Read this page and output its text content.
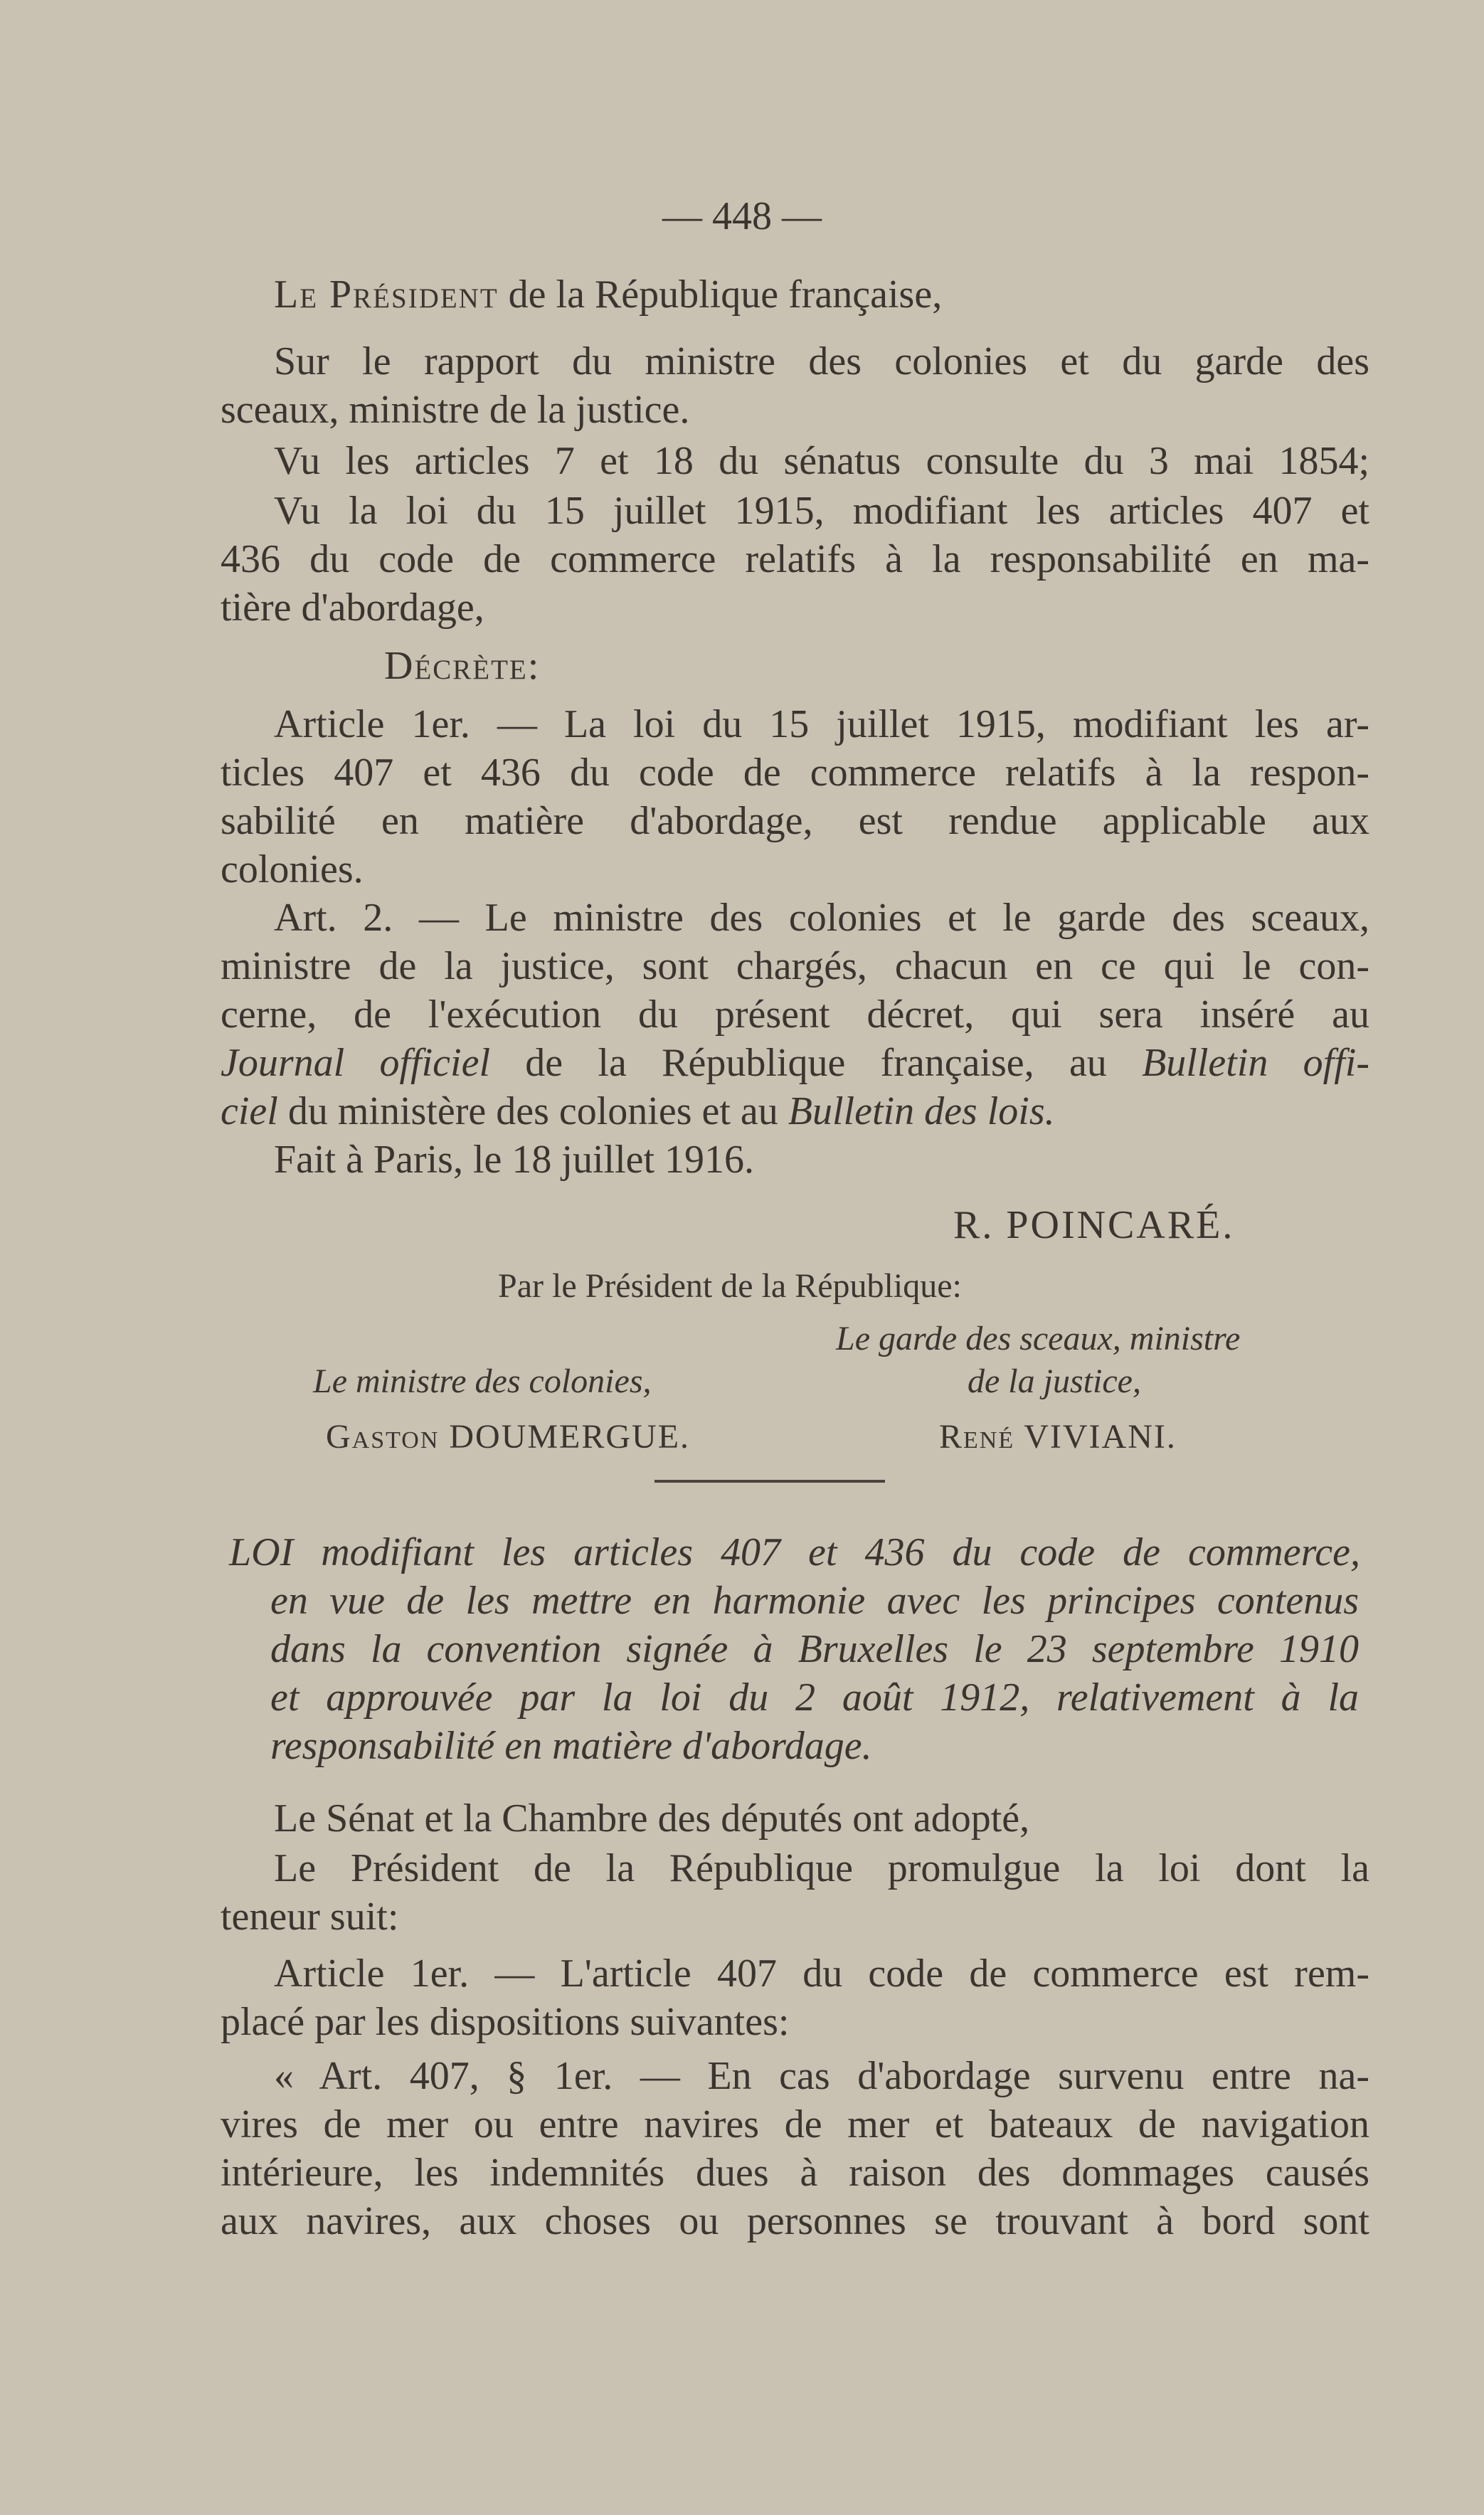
— 448 —
Le Président de la République française,
Sur le rapport du ministre des colonies et du garde des
sceaux, ministre de la justice.
Vu les articles 7 et 18 du sénatus consulte du 3 mai 1854;
Vu la loi du 15 juillet 1915, modifiant les articles 407 et
436 du code de commerce relatifs à la responsabilité en ma-
tière d'abordage,
Décrète:
Article 1er. — La loi du 15 juillet 1915, modifiant les ar-
ticles 407 et 436 du code de commerce relatifs à la respon-
sabilité en matière d'abordage, est rendue applicable aux
colonies.
Art. 2. — Le ministre des colonies et le garde des sceaux,
ministre de la justice, sont chargés, chacun en ce qui le con-
cerne, de l'exécution du présent décret, qui sera inséré au
Journal officiel de la République française, au Bulletin offi-
ciel du ministère des colonies et au Bulletin des lois.
Fait à Paris, le 18 juillet 1916.
R. POINCARÉ.
Par le Président de la République:
Le garde des sceaux, ministre
de la justice,
Le ministre des colonies,
Gaston DOUMERGUE.	René VIVIANI.
LOI modifiant les articles 407 et 436 du code de commerce,
en vue de les mettre en harmonie avec les principes contenus
dans la convention signée à Bruxelles le 23 septembre 1910
et approuvée par la loi du 2 août 1912, relativement à la
responsabilité en matière d'abordage.
Le Sénat et la Chambre des députés ont adopté,
Le Président de la République promulgue la loi dont la
teneur suit:
Article 1er. — L'article 407 du code de commerce est rem-
placé par les dispositions suivantes:
« Art. 407, § 1er. — En cas d'abordage survenu entre na-
vires de mer ou entre navires de mer et bateaux de navigation
intérieure, les indemnités dues à raison des dommages causés
aux navires, aux choses ou personnes se trouvant à bord sont
